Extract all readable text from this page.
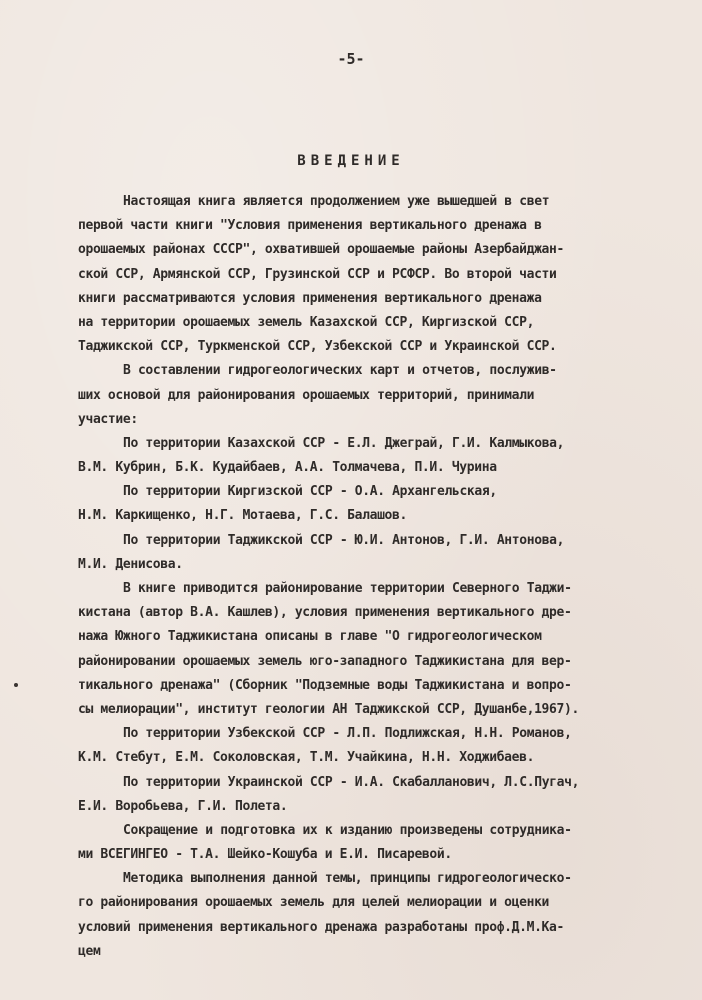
-5-

ВВЕДЕНИЕ
Настоящая книга является продолжением уже вышедшей в свет
первой части книги "Условия применения вертикального дренажа в
орошаемых районах СССР", охватившей орошаемые районы Азербайджан-
ской ССР, Армянской ССР, Грузинской ССР и РСФСР. Во второй части
книги рассматриваются условия применения вертикального дренажа
на территории орошаемых земель Казахской ССР, Киргизской ССР,
Таджикской ССР, Туркменской ССР, Узбекской ССР и Украинской ССР.
В составлении гидрогеологических карт и отчетов, послужив-
ших основой для районирования орошаемых территорий, принимали
участие:
По территории Казахской ССР - Е.Л. Джеграй, Г.И. Калмыкова,
В.М. Кубрин, Б.К. Кудайбаев, А.А. Толмачева, П.И. Чурина
По территории Киргизской ССР - О.А. Архангельская,
Н.М. Каркищенко, Н.Г. Мотаева, Г.С. Балашов.
По территории Таджикской ССР - Ю.И. Антонов, Г.И. Антонова,
М.И. Денисова.
В книге приводится районирование территории Северного Таджи-
кистана (автор В.А. Кашлев), условия применения вертикального дре-
нажа Южного Таджикистана описаны в главе "О гидрогеологическом
районировании орошаемых земель юго-западного Таджикистана для вер-
тикального дренажа" (Сборник "Подземные воды Таджикистана и вопро-
сы мелиорации", институт геологии АН Таджикской ССР, Душанбе,1967).
По территории Узбекской ССР - Л.П. Подлижская, Н.Н. Романов,
К.М. Стебут, Е.М. Соколовская, Т.М. Учайкина, Н.Н. Ходжибаев.
По территории Украинской ССР - И.А. Скабалланович, Л.С.Пугач,
Е.И. Воробьева, Г.И. Полета.
Сокращение и подготовка их к изданию произведены сотрудника-
ми ВСЕГИНГЕО - Т.А. Шейко-Кошуба и Е.И. Писаревой.
Методика выполнения данной темы, принципы гидрогеологическо-
го районирования орошаемых земель для целей мелиорации и оценки
условий применения вертикального дренажа разработаны проф.Д.М.Ка-
цем
